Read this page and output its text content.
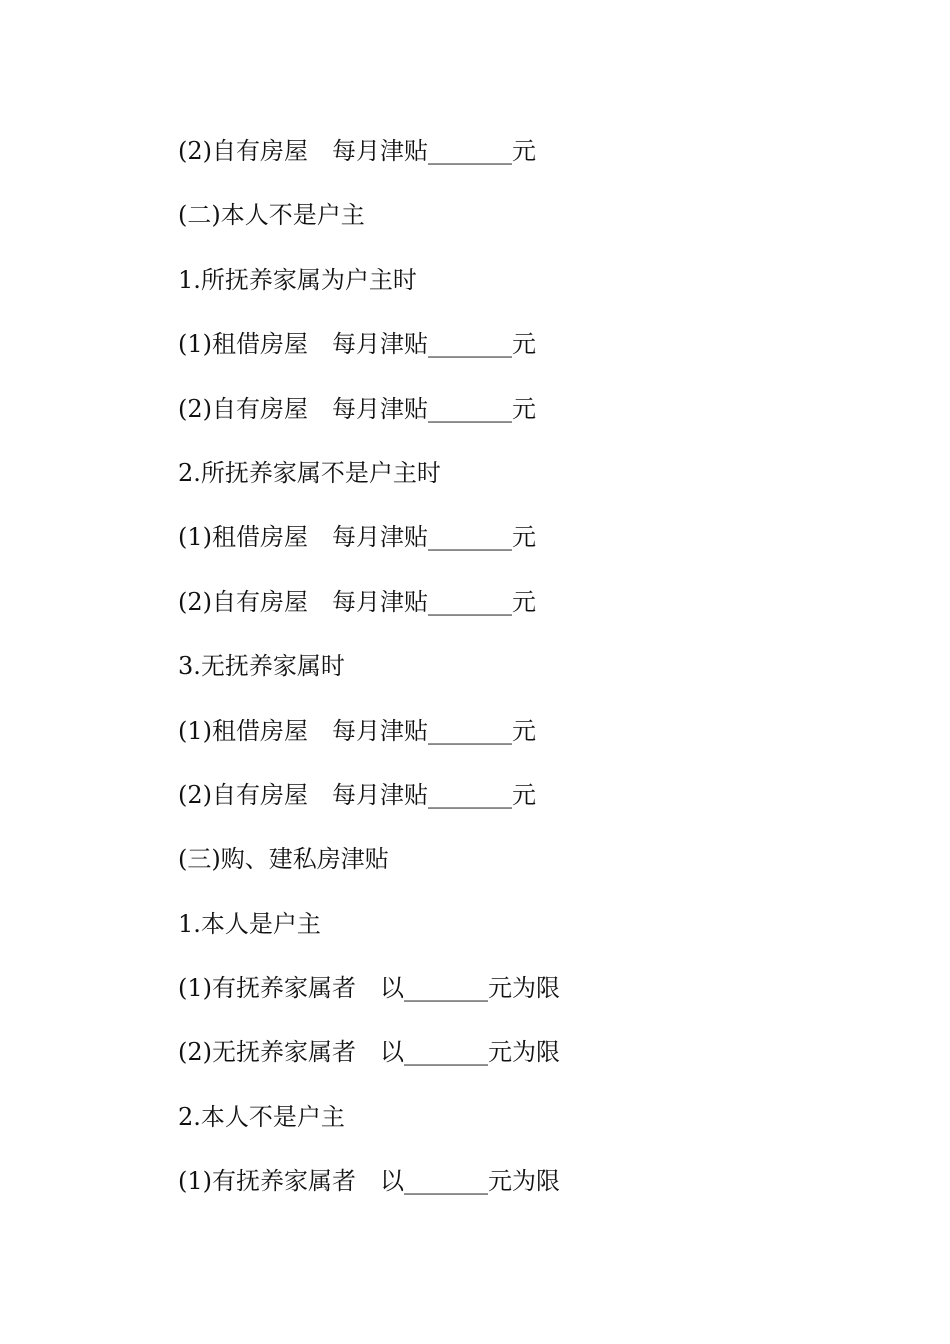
(2)自有房屋　每月津贴_______元
(二)本人不是户主
1.所抚养家属为户主时
(1)租借房屋　每月津贴_______元
(2)自有房屋　每月津贴_______元
2.所抚养家属不是户主时
(1)租借房屋　每月津贴_______元
(2)自有房屋　每月津贴_______元
3.无抚养家属时
(1)租借房屋　每月津贴_______元
(2)自有房屋　每月津贴_______元
(三)购、建私房津贴
1.本人是户主
(1)有抚养家属者　以_______元为限
(2)无抚养家属者　以_______元为限
2.本人不是户主
(1)有抚养家属者　以_______元为限
